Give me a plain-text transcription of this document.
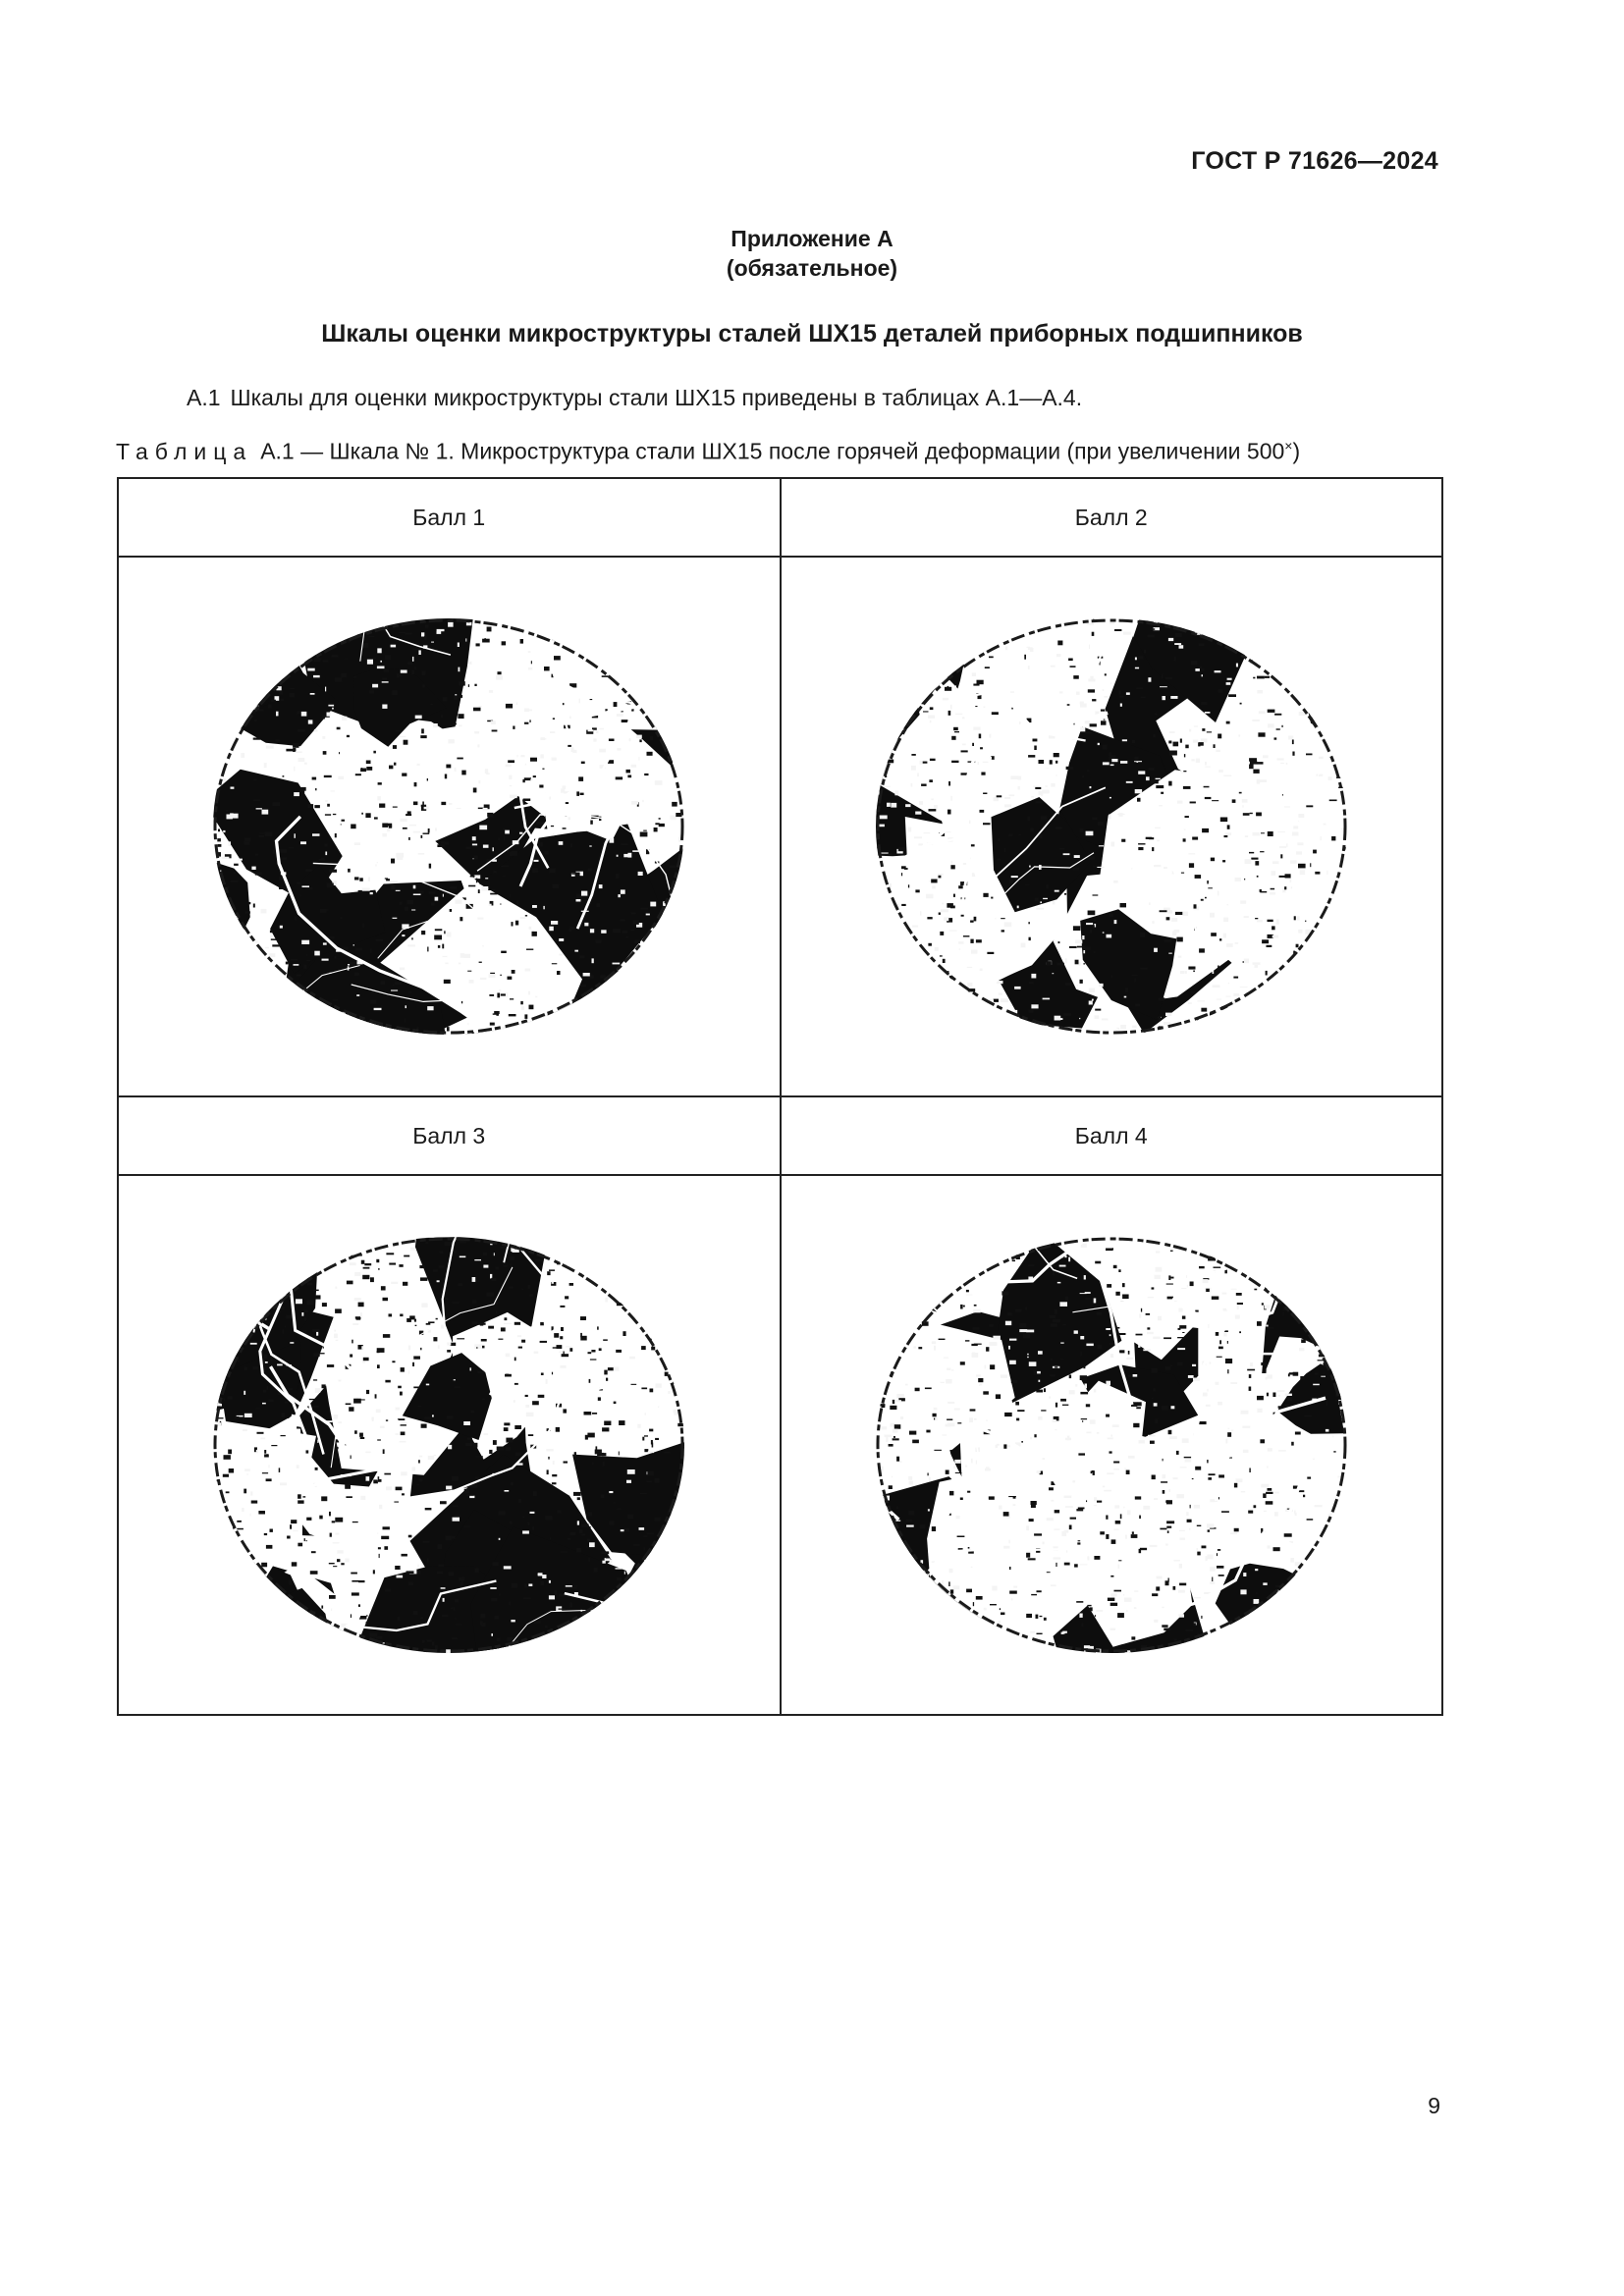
ГОСТ Р 71626—2024
Приложение А
(обязательное)
Шкалы оценки микроструктуры сталей ШХ15 деталей приборных подшипников
А.1 Шкалы для оценки микроструктуры стали ШХ15 приведены в таблицах А.1—А.4.
Таблица А.1 — Шкала № 1. Микроструктура стали ШХ15 после горячей деформации (при увеличении 500×)
Балл 1	Балл 2

Балл 3	Балл 4

9
